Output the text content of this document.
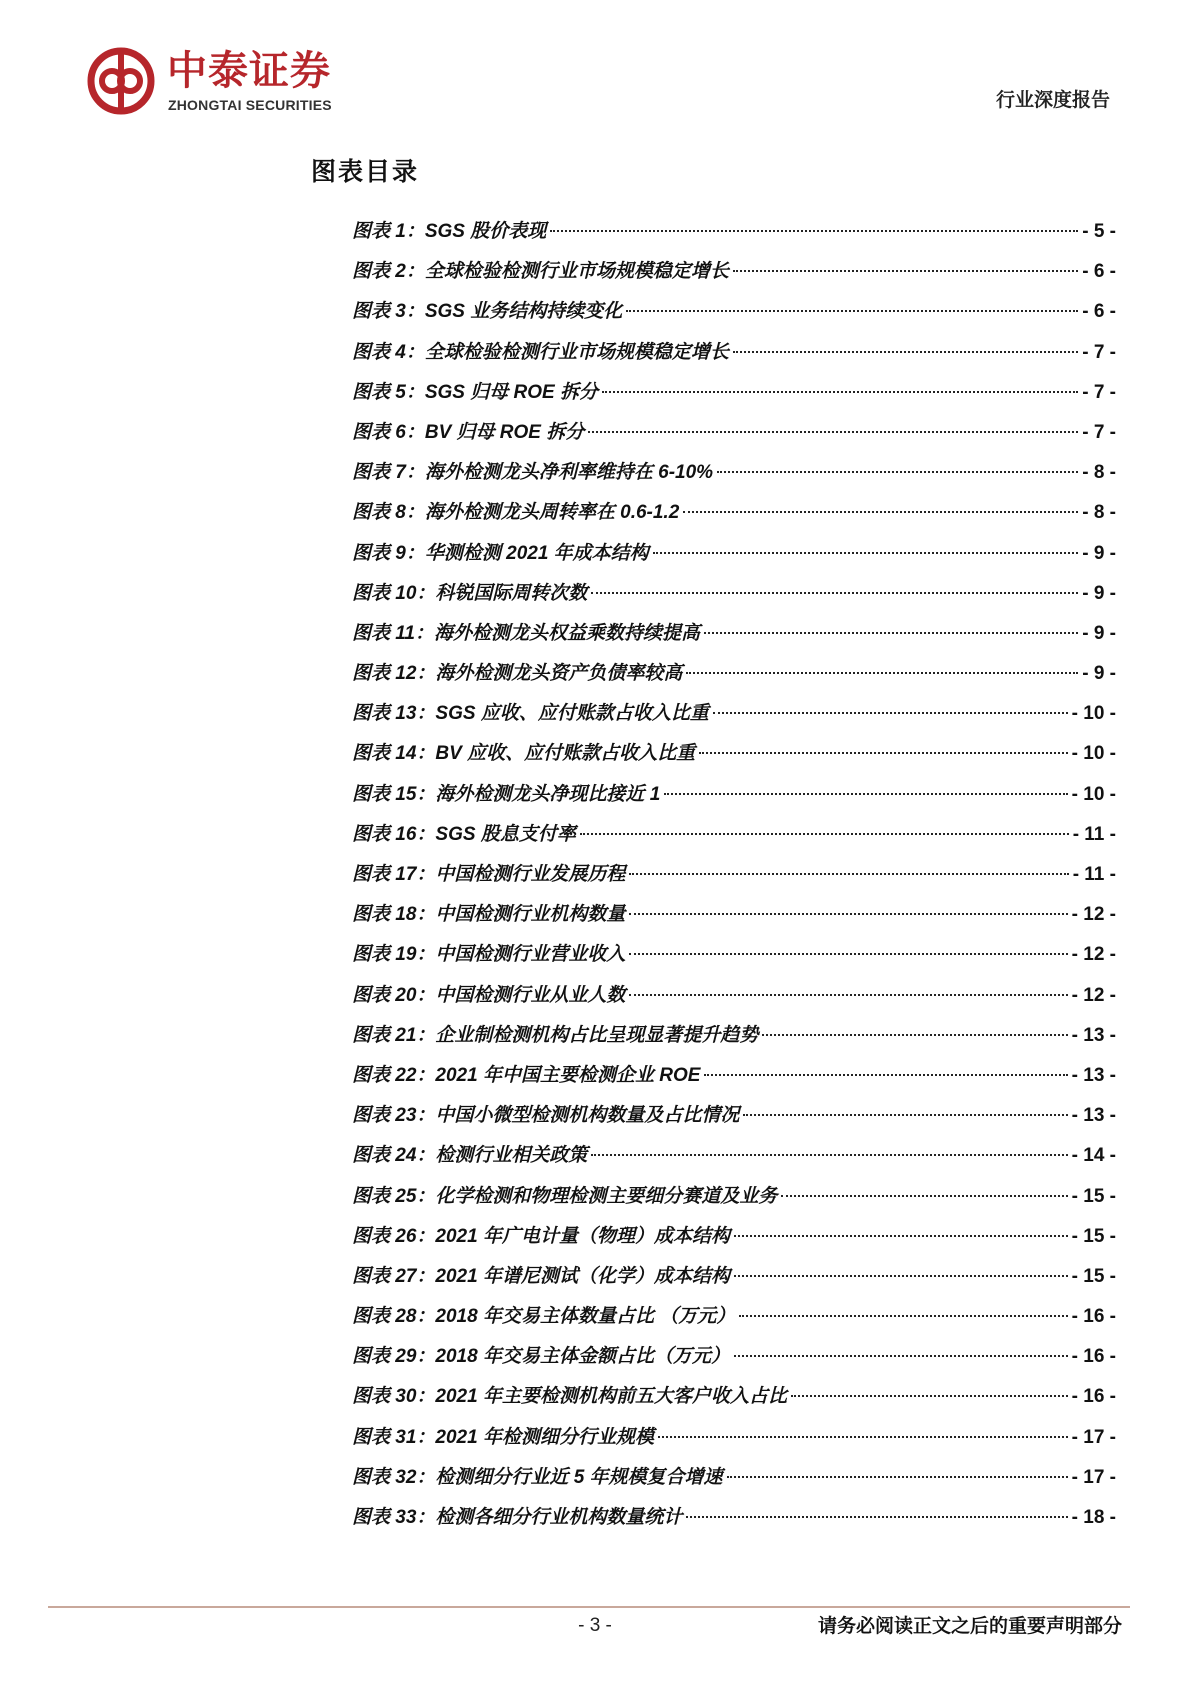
中泰证券
ZHONGTAI SECURITIES	行业深度报告
图表目录
图表 1：SGS 股价表现	- 5 -
图表 2：全球检验检测行业市场规模稳定增长	- 6 -
图表 3：SGS 业务结构持续变化	- 6 -
图表 4：全球检验检测行业市场规模稳定增长	- 7 -
图表 5：SGS 归母 ROE 拆分	- 7 -
图表 6：BV 归母 ROE 拆分	- 7 -
图表 7：海外检测龙头净利率维持在 6-10%	- 8 -
图表 8：海外检测龙头周转率在 0.6-1.2	- 8 -
图表 9：华测检测 2021 年成本结构	- 9 -
图表 10：科锐国际周转次数	- 9 -
图表 11：海外检测龙头权益乘数持续提高	- 9 -
图表 12：海外检测龙头资产负债率较高	- 9 -
图表 13：SGS 应收、应付账款占收入比重	- 10 -
图表 14：BV 应收、应付账款占收入比重	- 10 -
图表 15：海外检测龙头净现比接近 1	- 10 -
图表 16：SGS 股息支付率	- 11 -
图表 17：中国检测行业发展历程	- 11 -
图表 18：中国检测行业机构数量	- 12 -
图表 19：中国检测行业营业收入	- 12 -
图表 20：中国检测行业从业人数	- 12 -
图表 21：企业制检测机构占比呈现显著提升趋势	- 13 -
图表 22：2021 年中国主要检测企业 ROE	- 13 -
图表 23：中国小微型检测机构数量及占比情况	- 13 -
图表 24：检测行业相关政策	- 14 -
图表 25：化学检测和物理检测主要细分赛道及业务	- 15 -
图表 26：2021 年广电计量（物理）成本结构	- 15 -
图表 27：2021 年谱尼测试（化学）成本结构	- 15 -
图表 28：2018 年交易主体数量占比 （万元）	- 16 -
图表 29：2018 年交易主体金额占比（万元）	- 16 -
图表 30：2021 年主要检测机构前五大客户收入占比	- 16 -
图表 31：2021 年检测细分行业规模	- 17 -
图表 32：检测细分行业近 5 年规模复合增速	- 17 -
图表 33：检测各细分行业机构数量统计	- 18 -
- 3 -	请务必阅读正文之后的重要声明部分
